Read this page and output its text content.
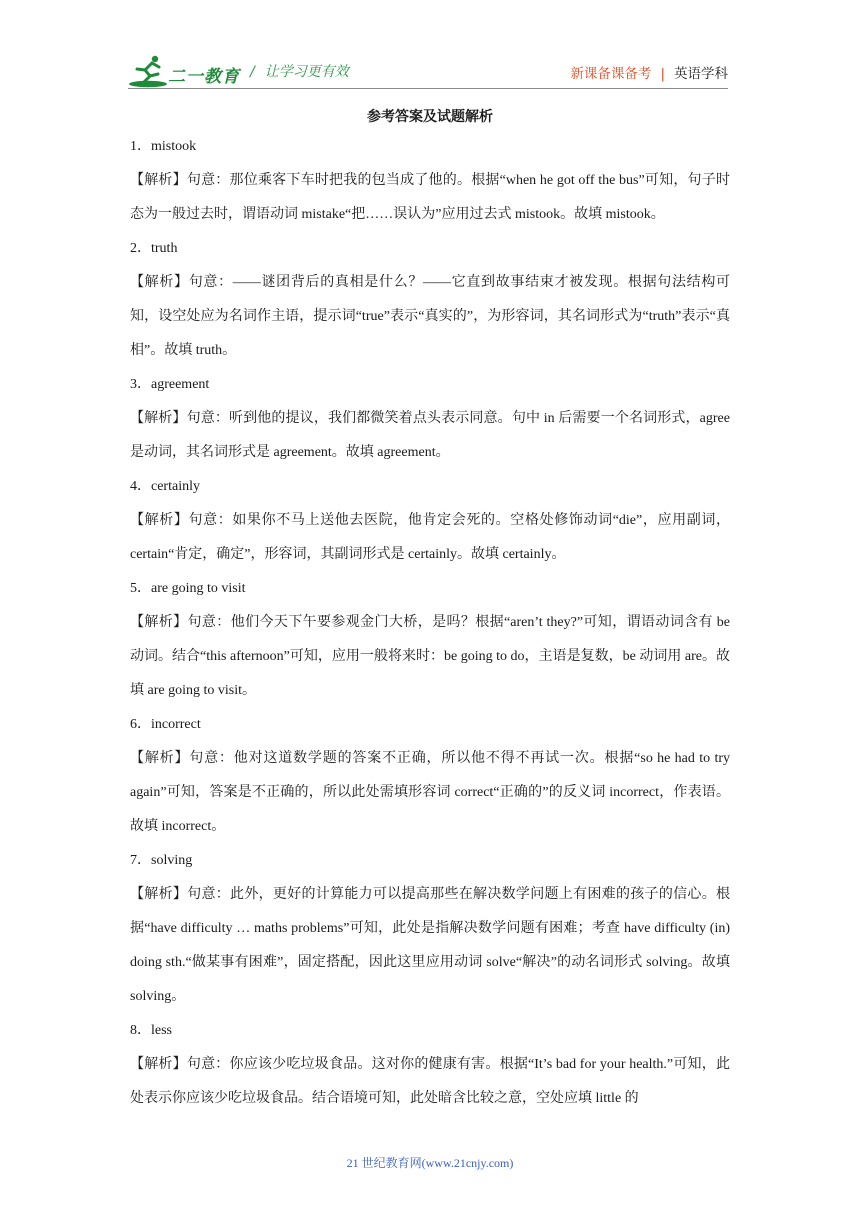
二一教育 / 让学习更有效	新课备课备考 | 英语学科
参考答案及试题解析

1．mistook

【解析】句意：那位乘客下车时把我的包当成了他的。根据“when he got off the bus”可知，句子时态为一般过去时，谓语动词 mistake“把……误认为”应用过去式 mistook。故填 mistook。

2．truth

【解析】句意：——谜团背后的真相是什么？——它直到故事结束才被发现。根据句法结构可知，设空处应为名词作主语，提示词“true”表示“真实的”，为形容词，其名词形式为“truth”表示“真相”。故填 truth。

3．agreement

【解析】句意：听到他的提议，我们都微笑着点头表示同意。句中 in 后需要一个名词形式，agree 是动词，其名词形式是 agreement。故填 agreement。

4．certainly

【解析】句意：如果你不马上送他去医院，他肯定会死的。空格处修饰动词“die”，应用副词，certain“肯定，确定”，形容词，其副词形式是 certainly。故填 certainly。

5．are going to visit

【解析】句意：他们今天下午要参观金门大桥，是吗？根据“aren’t they?”可知，谓语动词含有 be 动词。结合“this afternoon”可知，应用一般将来时：be going to do，主语是复数，be 动词用 are。故填 are going to visit。

6．incorrect

【解析】句意：他对这道数学题的答案不正确，所以他不得不再试一次。根据“so he had to try again”可知，答案是不正确的，所以此处需填形容词 correct“正确的”的反义词 incorrect，作表语。故填 incorrect。

7．solving

【解析】句意：此外，更好的计算能力可以提高那些在解决数学问题上有困难的孩子的信心。根据“have difficulty … maths problems”可知，此处是指解决数学问题有困难；考查 have difficulty (in) doing sth.“做某事有困难”，固定搭配，因此这里应用动词 solve“解决”的动名词形式 solving。故填 solving。

8．less

【解析】句意：你应该少吃垃圾食品。这对你的健康有害。根据“It’s bad for your health.”可知，此处表示你应该少吃垃圾食品。结合语境可知，此处暗含比较之意，空处应填 little 的

21 世纪教育网(www.21cnjy.com)
